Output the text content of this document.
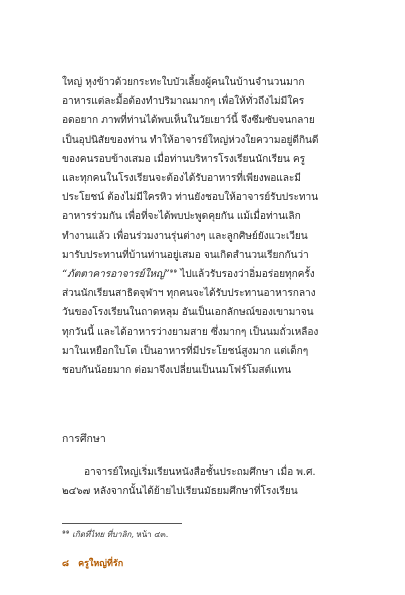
ใหญ่ หุงข้าวด้วยกระทะใบบัวเลี้ยงผู้คนในบ้านจำนวนมาก
อาหารแต่ละมื้อต้องทำปริมาณมากๆ เพื่อให้ทั่วถึงไม่มีใคร
อดอยาก ภาพที่ท่านได้พบเห็นในวัยเยาว์นี้ จึงซึมซับจนกลาย
เป็นอุปนิสัยของท่าน ทำให้อาจารย์ใหญ่ห่วงใยความอยู่ดีกินดี
ของคนรอบข้างเสมอ เมื่อท่านบริหารโรงเรียนนักเรียน ครู
และทุกคนในโรงเรียนจะต้องได้รับอาหารที่เพียงพอและมี
ประโยชน์ ต้องไม่มีใครหิว ท่านยังชอบให้อาจารย์รับประทาน
อาหารร่วมกัน เพื่อที่จะได้พบปะพูดคุยกัน แม้เมื่อท่านเลิก
ทำงานแล้ว เพื่อนร่วมงานรุ่นต่างๆ และลูกศิษย์ยังแวะเวียน
มารับประทานที่บ้านท่านอยู่เสมอ จนเกิดสำนวนเรียกกันว่า
“ภัตตาคารอาจารย์ใหญ่”$^{๑๑}$ ไปแล้วรับรองว่าอิ่มอร่อยทุกครั้ง
ส่วนนักเรียนสาธิตจุฬาฯ ทุกคนจะได้รับประทานอาหารกลาง
วันของโรงเรียนในถาดหลุม อันเป็นเอกลักษณ์ของเขามาจน
ทุกวันนี้ และได้อาหารว่างยามสาย ซึ่งมากๆ เป็นนมถั่วเหลือง
มาในเหยือกใบโต เป็นอาหารที่มีประโยชน์สูงมาก แต่เด็กๆ
ชอบกันน้อยมาก ต่อมาจึงเปลี่ยนเป็นนมโฟร์โมสต์แทน
การศึกษา
อาจารย์ใหญ่เริ่มเรียนหนังสือชั้นประถมศึกษา เมื่อ พ.ศ.
๒๔๖๗ หลังจากนั้นได้ย้ายไปเรียนมัธยมศึกษาที่โรงเรียน
$^{๑๑}$ เกิดที่ไทย ที่บาลิก, หน้า ๔๓.
๘ ครูใหญ่ที่รัก
